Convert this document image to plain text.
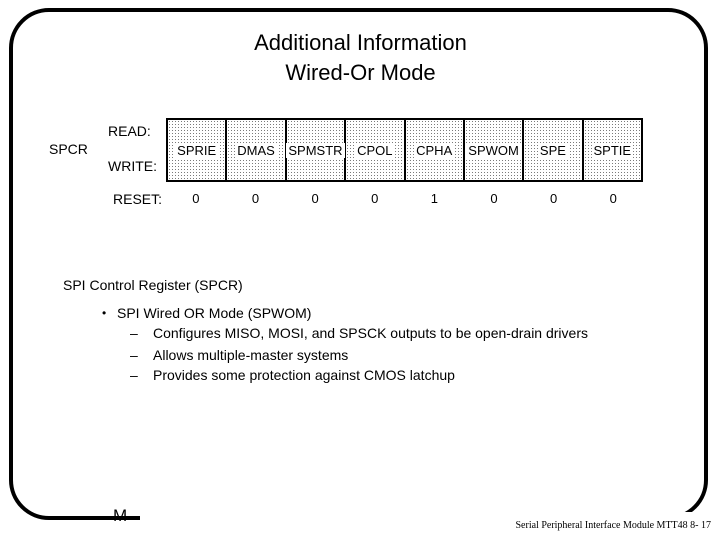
Additional Information
Wired-Or Mode
SPCR
READ:
WRITE:
RESET:
SPRIE DMAS SPMSTR CPOL CPHA SPWOM SPE SPTIE
0	0	0	0	1	0	0	0
SPI Control Register (SPCR)
• SPI Wired OR Mode (SPWOM)
– Configures MISO, MOSI, and SPSCK outputs to be open-drain drivers
– Allows multiple-master systems
– Provides some protection against CMOS latchup
M
Serial Peripheral Interface Module MTT48 8- 17
